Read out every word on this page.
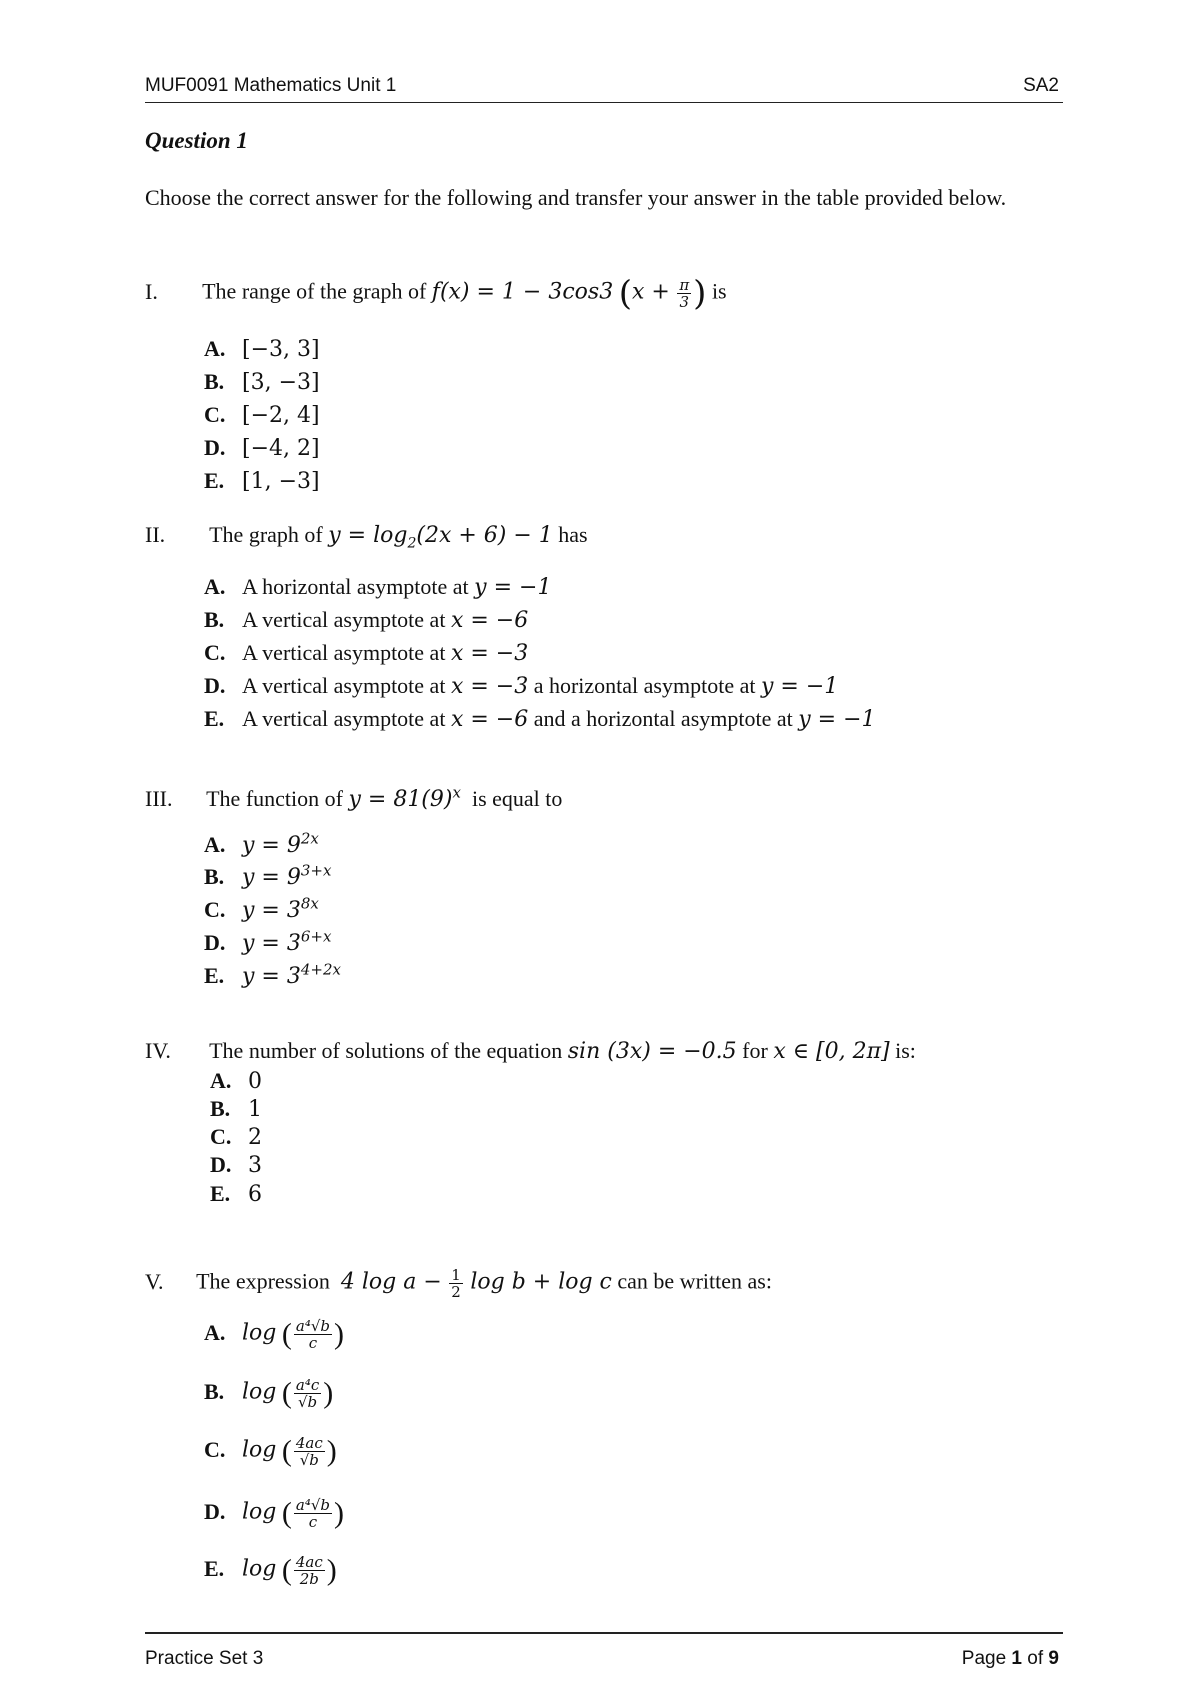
MUF0091 Mathematics Unit 1	SA2
Question 1
Choose the correct answer for the following and transfer your answer in the table provided below.
I. The range of the graph of f(x) = 1 − 3cos3 ($x + \frac{\pi}{3}$ ) is
A. [−3, 3]
B. [3, −3]
C. [−2, 4]
D. [−4, 2]
E. [1, −3]
II. The graph of $y = \log_2(2x + 6) - 1$ has
A. A horizontal asymptote at y = −1
B. A vertical asymptote at x = −6
C. A vertical asymptote at x = −3
D. A vertical asymptote at x = −3 a horizontal asymptote at y = −1
E. A vertical asymptote at x = −6 and a horizontal asymptote at y = −1
III. The function of $y = 81(9)^x$ is equal to
A. $y = 9^{2x}$
B. $y = 9^{3+x}$
C. $y = 3^{8x}$
D. $y = 3^{6+x}$
E. $y = 3^{4+2x}$
IV. The number of solutions of the equation sin (3x) = −0.5 for x ∈ [0, 2π] is:
A. 0
B. 1
C. 2
D. 3
E. 6
V. The expression 4 $\log a - \frac{1}{2}$ log b + log c can be written as:
A. log ( $\frac{\text{a⁴√b}}{c}$ )
B. log ( $\frac{\text{a⁴c}}{√b}$ )
C. log ( $\frac{4ac}{√b}$ )
D. log ( $\frac{\text{a⁴√b}}{c}$ )
E. log ( $\frac{4ac}{2b}$ )
Practice Set 3	Page 1 of 9
